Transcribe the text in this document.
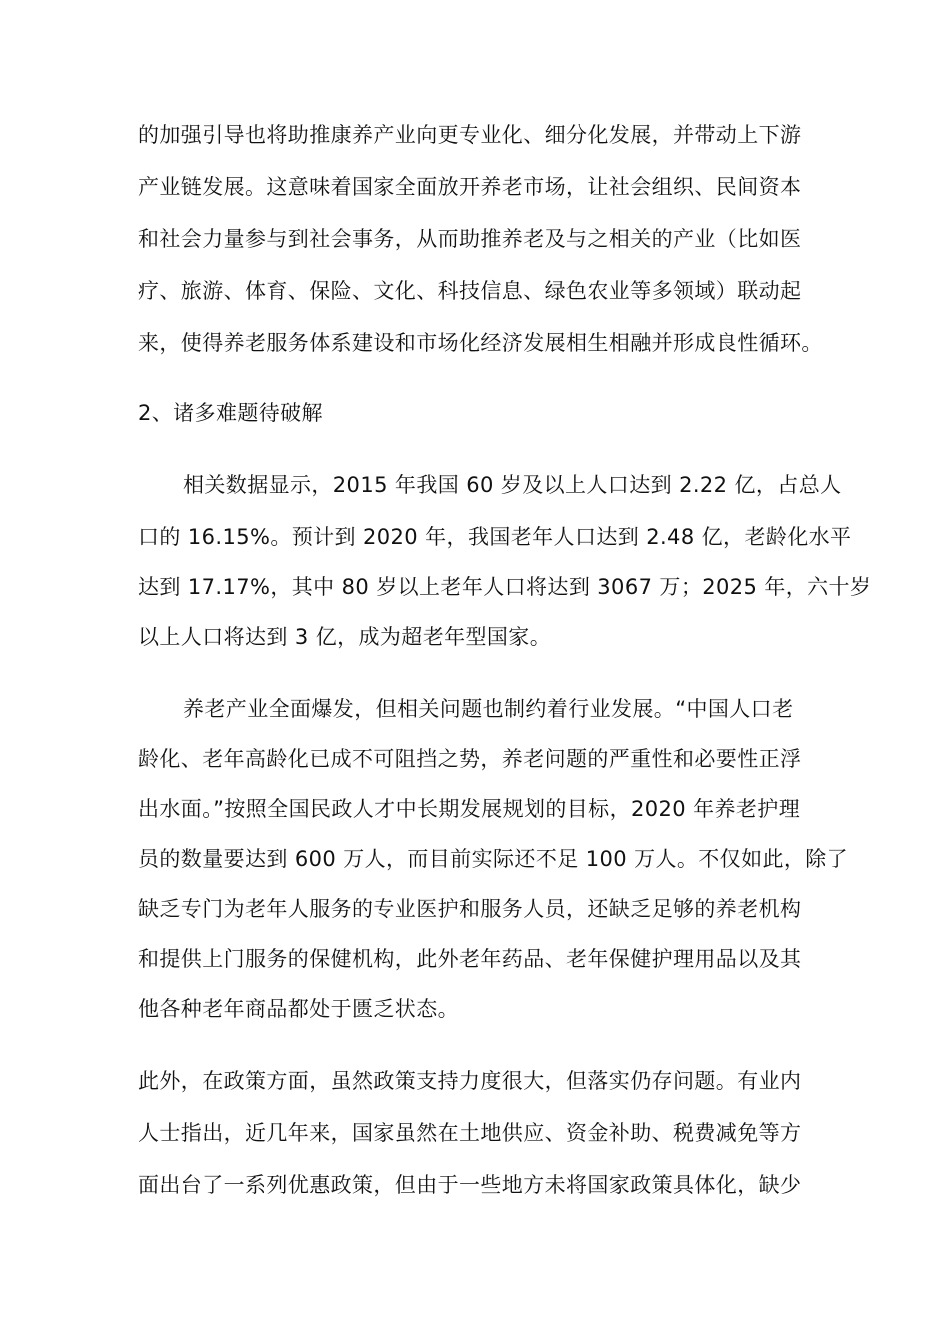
的加强引导也将助推康养产业向更专业化、细分化发展，并带动上下游

产业链发展。这意味着国家全面放开养老市场，让社会组织、民间资本

和社会力量参与到社会事务，从而助推养老及与之相关的产业（比如医

疗、旅游、体育、保险、文化、科技信息、绿色农业等多领域）联动起

来，使得养老服务体系建设和市场化经济发展相生相融并形成良性循环。

2、诸多难题待破解

相关数据显示，2015 年我国 60 岁及以上人口达到 2.22 亿，占总人

口的 16.15%。预计到 2020 年，我国老年人口达到 2.48 亿，老龄化水平

达到 17.17%，其中 80 岁以上老年人口将达到 3067 万；2025 年，六十岁

以上人口将达到 3 亿，成为超老年型国家。

养老产业全面爆发，但相关问题也制约着行业发展。“中国人口老

龄化、老年高龄化已成不可阻挡之势，养老问题的严重性和必要性正浮

出水面。”按照全国民政人才中长期发展规划的目标，2020 年养老护理

员的数量要达到 600 万人，而目前实际还不足 100 万人。不仅如此，除了

缺乏专门为老年人服务的专业医护和服务人员，还缺乏足够的养老机构

和提供上门服务的保健机构，此外老年药品、老年保健护理用品以及其

他各种老年商品都处于匮乏状态。

此外，在政策方面，虽然政策支持力度很大，但落实仍存问题。有业内

人士指出，近几年来，国家虽然在土地供应、资金补助、税费减免等方

面出台了一系列优惠政策，但由于一些地方未将国家政策具体化，缺少
